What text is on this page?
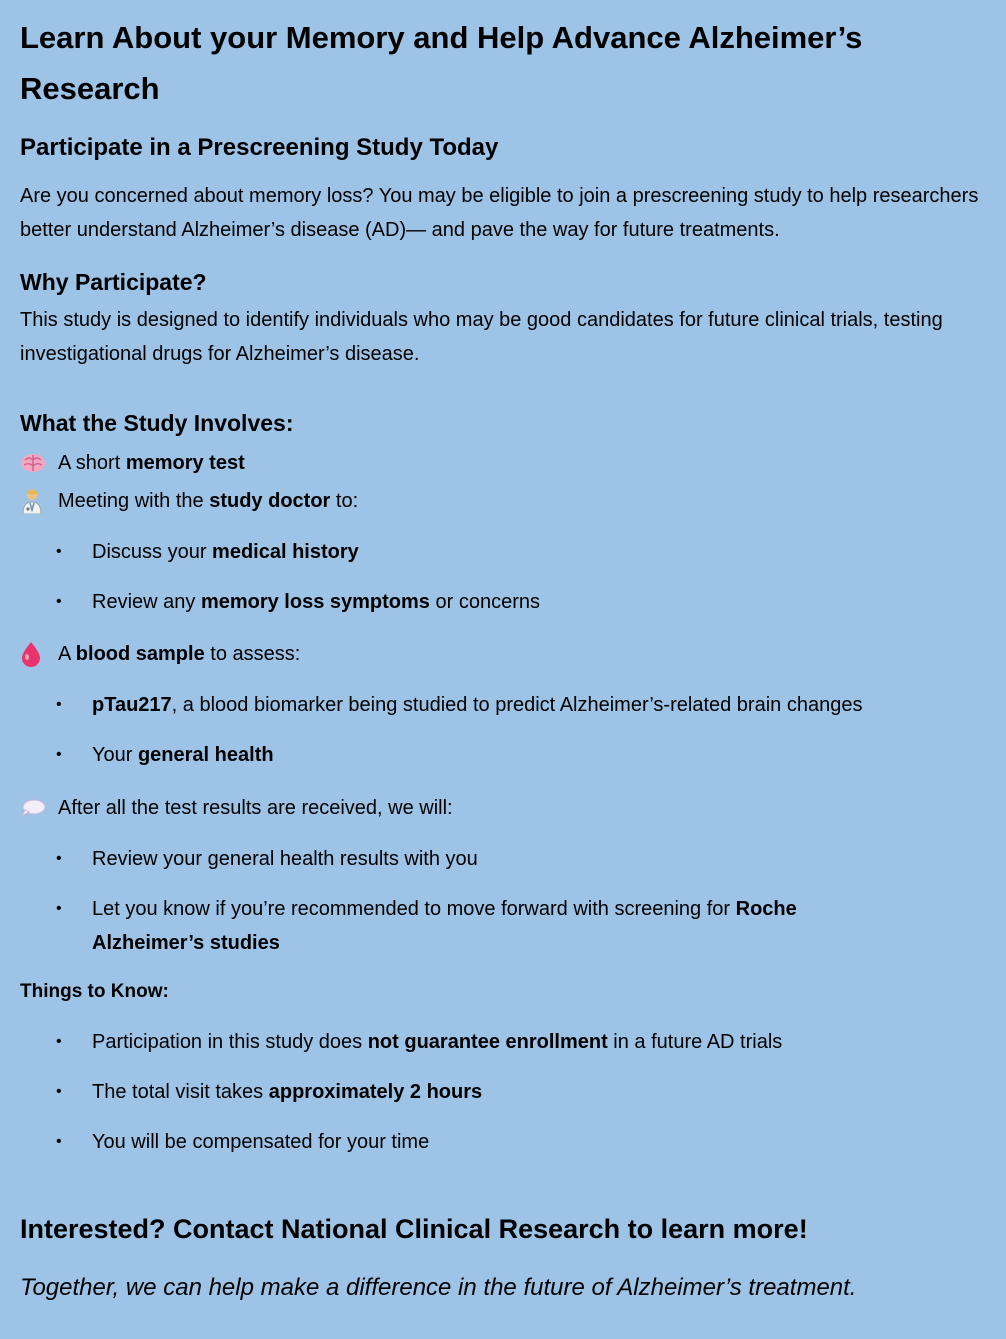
Learn About your Memory and Help Advance Alzheimer’s Research
Participate in a Prescreening Study Today
Are you concerned about memory loss? You may be eligible to join a prescreening study to help researchers better understand Alzheimer’s disease (AD)— and pave the way for future treatments.
Why Participate?
This study is designed to identify individuals who may be good candidates for future clinical trials, testing investigational drugs for Alzheimer’s disease.
What the Study Involves:
A short memory test
Meeting with the study doctor to:
•	Discuss your medical history
•	Review any memory loss symptoms or concerns
A blood sample to assess:
•	pTau217, a blood biomarker being studied to predict Alzheimer’s-related brain changes
•	Your general health
After all the test results are received, we will:
•	Review your general health results with you
•	Let you know if you’re recommended to move forward with screening for Roche Alzheimer’s studies
Things to Know:
•	Participation in this study does not guarantee enrollment in a future AD trials
•	The total visit takes approximately 2 hours
•	You will be compensated for your time
Interested? Contact National Clinical Research to learn more!
Together, we can help make a difference in the future of Alzheimer’s treatment.
